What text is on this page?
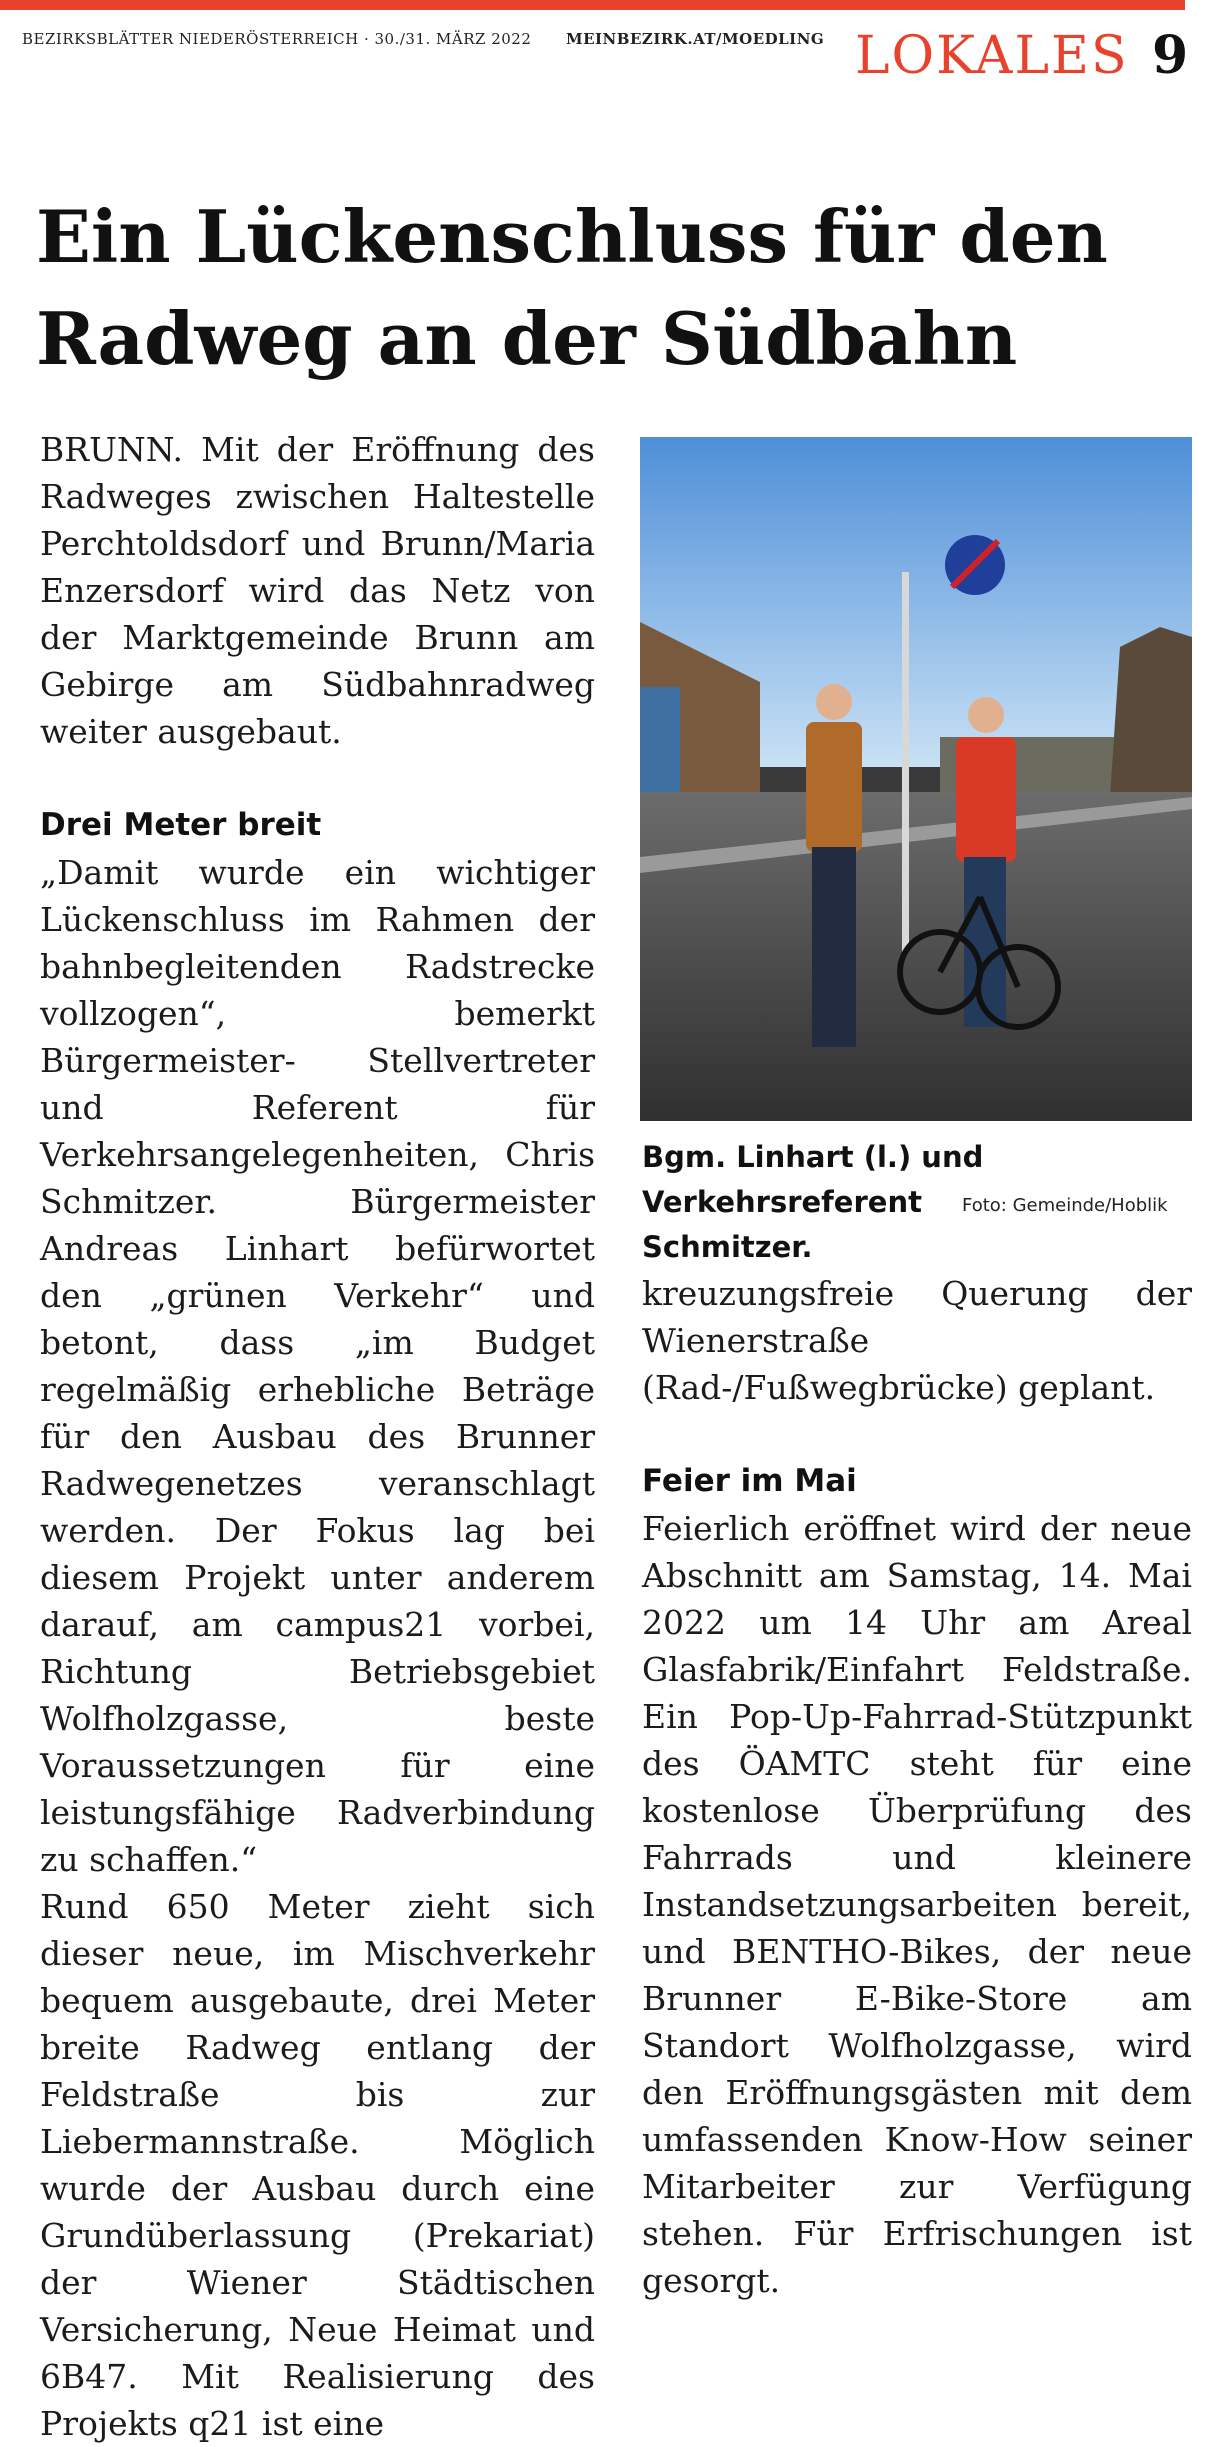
BEZIRKSBLÄTTER NIEDERÖSTERREICH · 30./31. MÄRZ 2022 MEINBEZIRK.AT/MOEDLING LOKALES 9
Ein Lückenschluss für den Radweg an der Südbahn

BRUNN. Mit der Eröffnung des Radweges zwischen Haltestelle Perchtoldsdorf und Brunn/Maria Enzersdorf wird das Netz von der Marktgemeinde Brunn am Gebirge am Südbahnradweg weiter ausgebaut.

Drei Meter breit

„Damit wurde ein wichtiger Lückenschluss im Rahmen der bahnbegleitenden Radstrecke vollzogen“, bemerkt Bürgermeister- Stellvertreter und Referent für Verkehrsangelegenheiten, Chris Schmitzer. Bürgermeister Andreas Linhart befürwortet den „grünen Verkehr“ und betont, dass „im Budget regelmäßig erhebliche Beträge für den Ausbau des Brunner Radwegenetzes veranschlagt werden. Der Fokus lag bei diesem Projekt unter anderem darauf, am campus21 vorbei, Richtung Betriebsgebiet Wolfholzgasse, beste Voraussetzungen für eine leistungsfähige Radverbindung zu schaffen.“

Rund 650 Meter zieht sich dieser neue, im Mischverkehr bequem ausgebaute, drei Meter breite Radweg entlang der Feldstraße bis zur Liebermannstraße. Möglich wurde der Ausbau durch eine Grundüberlassung (Prekariat) der Wiener Städtischen Versicherung, Neue Heimat und 6B47. Mit Realisierung des Projekts q21 ist eine

Bgm. Linhart (l.) und Verkehrsreferent Schmitzer.
Foto: Gemeinde/Hoblik

kreuzungsfreie Querung der Wienerstraße (Rad-/Fußwegbrücke) geplant.

Feier im Mai

Feierlich eröffnet wird der neue Abschnitt am Samstag, 14. Mai 2022 um 14 Uhr am Areal Glasfabrik/Einfahrt Feldstraße. Ein Pop-Up-Fahrrad-Stützpunkt des ÖAMTC steht für eine kostenlose Überprüfung des Fahrrads und kleinere Instandsetzungsarbeiten bereit, und BENTHO-Bikes, der neue Brunner E-Bike-Store am Standort Wolfholzgasse, wird den Eröffnungsgästen mit dem umfassenden Know-How seiner Mitarbeiter zur Verfügung stehen. Für Erfrischungen ist gesorgt.
